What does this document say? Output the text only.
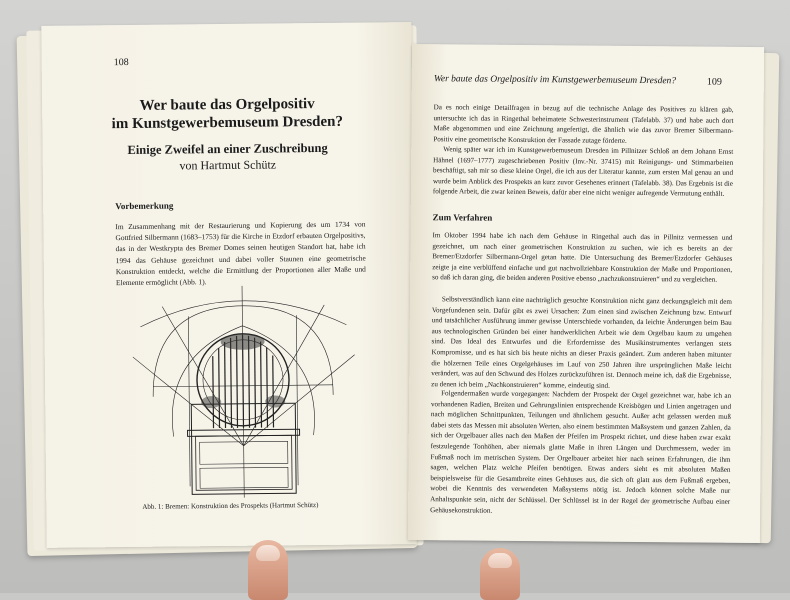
108
Wer baute das Orgelpositiv
im Kunstgewerbemuseum Dresden?
Einige Zweifel an einer Zuschreibung
von Hartmut Schütz
Vorbemerkung
Im Zusammenhang mit der Restaurierung und Kopierung des um 1734 von Gottfried Silbermann (1683–1753) für die Kirche in Etzdorf erbauten Orgelpositivs, das in der Westkrypta des Bremer Domes seinen heutigen Standort hat, habe ich 1994 das Gehäuse gezeichnet und dabei voller Staunen eine geometrische Konstruktion entdeckt, welche die Ermittlung der Proportionen aller Maße und Elemente ermöglicht (Abb. 1).
Abb. 1: Bremen: Konstruktion des Prospekts (Hartmut Schütz)
Wer baute das Orgelpositiv im Kunstgewerbemuseum Dresden?	109
Da es noch einige Detailfragen in bezug auf die technische Anlage des Positives zu klären gab, untersuchte ich das in Ringethal beheimatete Schwesterinstrument (Tafelabb. 37) und habe auch dort Maße abgenommen und eine Zeichnung angefertigt, die ähnlich wie das zuvor Bremer Silbermann-Positiv eine geometrische Konstruktion der Fassade zutage förderte.
Wenig später war ich im Kunstgewerbemuseum Dresden im Pillnitzer Schloß an dem Johann Ernst Hähnel (1697–1777) zugeschriebenen Positiv (Inv.-Nr. 37415) mit Reinigungs- und Stimmarbeiten beschäftigt, sah mir so diese kleine Orgel, die ich aus der Literatur kannte, zum ersten Mal genau an und wurde beim Anblick des Prospekts an kurz zuvor Gesehenes erinnert (Tafelabb. 38). Das Ergebnis ist die folgende Arbeit, die zwar keinen Beweis, dafür aber eine nicht weniger aufregende Vermutung enthält.
Zum Verfahren
Im Oktober 1994 habe ich nach dem Gehäuse in Ringethal auch das in Pillnitz vermessen und gezeichnet, um nach einer geometrischen Konstruktion zu suchen, wie ich es bereits an der Bremer/Etzdorfer Silbermann-Orgel getan hatte. Die Untersuchung des Bremer/Etzdorfer Gehäuses zeigte ja eine verblüffend einfache und gut nachvollziehbare Konstruktion der Maße und Proportionen, so daß ich daran ging, die beiden anderen Positive ebenso „nachzukonstruieren“ und zu vergleichen.
Selbstverständlich kann eine nachträglich gesuchte Konstruktion nicht ganz deckungsgleich mit dem Vorgefundenen sein. Dafür gibt es zwei Ursachen: Zum einen sind zwischen Zeichnung bzw. Entwurf und tatsächlicher Ausführung immer gewisse Unterschiede vorhanden, da leichte Änderungen beim Bau aus technologischen Gründen bei einer handwerklichen Arbeit wie dem Orgelbau kaum zu umgehen sind. Das Ideal des Entwurfes und die Erfordernisse des Musikinstrumentes verlangen stets Kompromisse, und es hat sich bis heute nichts an dieser Praxis geändert. Zum anderen haben mitunter die hölzernen Teile eines Orgelgehäuses im Lauf von 250 Jahren ihre ursprünglichen Maße leicht verändert, was auf den Schwund des Holzes zurückzuführen ist. Dennoch meine ich, daß die Ergebnisse, zu denen ich beim „Nachkonstruieren“ komme, eindeutig sind.
Folgendermaßen wurde vorgegangen: Nachdem der Prospekt der Orgel gezeichnet war, habe ich an vorhandenen Radien, Breiten und Gehrungslinien entsprechende Kreisbögen und Linien angetragen und nach möglichen Schnittpunkten, Teilungen und ähnlichem gesucht. Außer acht gelassen werden muß dabei stets das Messen mit absoluten Werten, also einem bestimmten Maßsystem und ganzen Zahlen, da sich der Orgelbauer alles nach den Maßen der Pfeifen im Prospekt richtet, und diese haben zwar exakt festzulegende Tonhöhen, aber niemals glatte Maße in ihren Längen und Durchmessern, weder im Fußmaß noch im metrischen System. Der Orgelbauer arbeitet hier nach seinen Erfahrungen, die ihm sagen, welchen Platz welche Pfeifen benötigen. Etwas anders sieht es mit absoluten Maßen beispielsweise für die Gesamtbreite eines Gehäuses aus, die sich oft glatt aus dem Fußmaß ergeben, wobei die Kenntnis des verwendeten Maßsystems nötig ist. Jedoch können solche Maße nur Anhaltspunkte sein, nicht der Schlüssel. Der Schlüssel ist in der Regel der geometrische Aufbau einer Gehäusekonstruktion.
